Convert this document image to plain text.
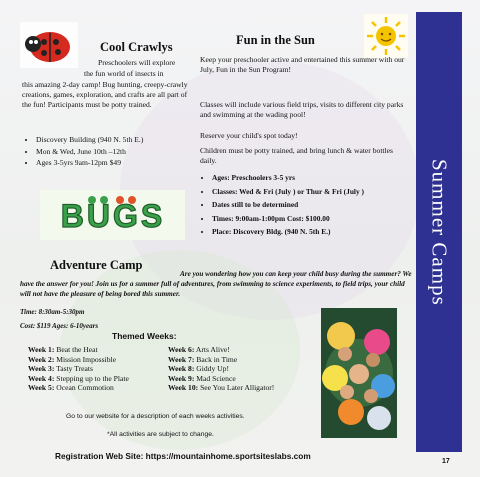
Cool Crawlys

Preschoolers will explore

the fun world of insects in

this amazing 2-day camp! Bug hunting, creepy-crawly creations, games, exploration, and crafts are all part of the fun! Participants must be potty trained.

• Discovery Building (940 N. 5th E.)
• Mon & Wed, June 10th –12th
• Ages 3-5yrs 9am-12pm $49
BUGS
Fun in the Sun

Keep your preschooler active and entertained this summer with our July, Fun in the Sun Program!

Classes will include various field trips, visits to different city parks and swimming at the wading pool!

Reserve your child's spot today!

Children must be potty trained, and bring lunch & water bottles daily.

• Ages: Preschoolers 3-5 yrs
• Classes: Wed & Fri (July ) or Thur & Fri (July )
• Dates still to be determined
• Times: 9:00am-1:00pm Cost: $100.00
• Place: Discovery Bldg. (940 N. 5th E.)
Adventure Camp

Are you wondering how you can keep your child busy during the summer? We have the answer for you! Join us for a summer full of adventures, from swimming to science experiments, to field trips, your child will not have the pleasure of being bored this summer.

Time: 8:30am-5:30pm

Cost: $119 Ages: 6-10years

Themed Weeks:
Week 1: Beat the Heat
Week 2: Mission Impossible
Week 3: Tasty Treats
Week 4: Stepping up to the Plate
Week 5: Ocean Commotion
Week 6: Arts Alive!
Week 7: Back in Time
Week 8: Giddy Up!
Week 9: Mad Science
Week 10: See You Later Alligator!

Go to our website for a description of each weeks activities.

*All activities are subject to change.

Registration Web Site: https://mountainhome.sportsiteslabs.com
Summer Camps
17
